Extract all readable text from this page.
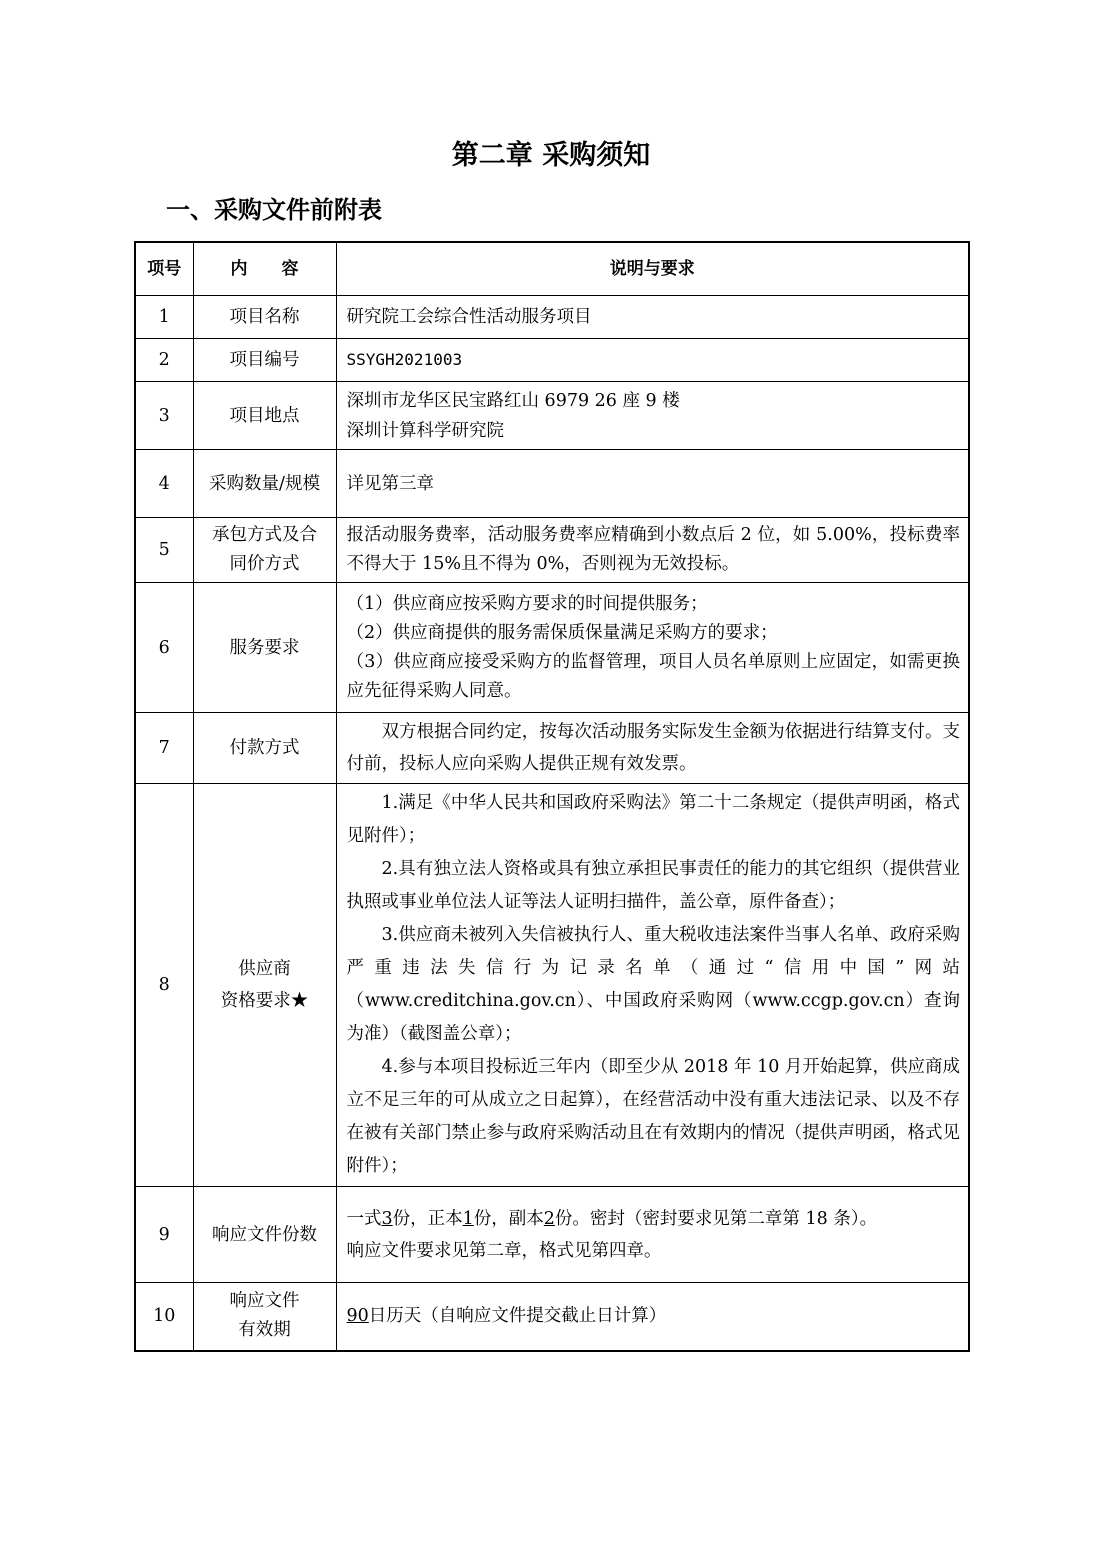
第二章 采购须知
一、采购文件前附表
项号	内　　容	说明与要求
1	项目名称	研究院工会综合性活动服务项目

2	项目编号	SSYGH2021003

3	项目地点	深圳市龙华区民宝路红山 6979 26 座 9 楼
深圳计算科学研究院

4	采购数量/规模	详见第三章

5	承包方式及合
同价方式	报活动服务费率，活动服务费率应精确到小数点后 2 位，如 5.00%，投标费率不得大于 15%且不得为 0%，否则视为无效投标。

6	服务要求	（1）供应商应按采购方要求的时间提供服务；
（2）供应商提供的服务需保质保量满足采购方的要求；
（3）供应商应接受采购方的监督管理，项目人员名单原则上应固定，如需更换应先征得采购人同意。

7	付款方式	双方根据合同约定，按每次活动服务实际发生金额为依据进行结算支付。支付前，投标人应向采购人提供正规有效发票。

8	供应商
资格要求★	1.满足《中华人民共和国政府采购法》第二十二条规定（提供声明函，格式见附件）；
2.具有独立法人资格或具有独立承担民事责任的能力的其它组织（提供营业执照或事业单位法人证等法人证明扫描件，盖公章，原件备查）；
3.供应商未被列入失信被执行人、重大税收违法案件当事人名单、政府采购严重违法失信行为记录名单（通过“信用中国”网站（www.creditchina.gov.cn）、中国政府采购网（www.ccgp.gov.cn）查询为准）（截图盖公章）；
4.参与本项目投标近三年内（即至少从 2018 年 10 月开始起算，供应商成立不足三年的可从成立之日起算），在经营活动中没有重大违法记录、以及不存在被有关部门禁止参与政府采购活动且在有效期内的情况（提供声明函，格式见附件）；

9	响应文件份数	一式3份，正本1份，副本2份。密封（密封要求见第二章第 18 条）。
响应文件要求见第二章，格式见第四章。

10	响应文件
有效期	90日历天（自响应文件提交截止日计算）
